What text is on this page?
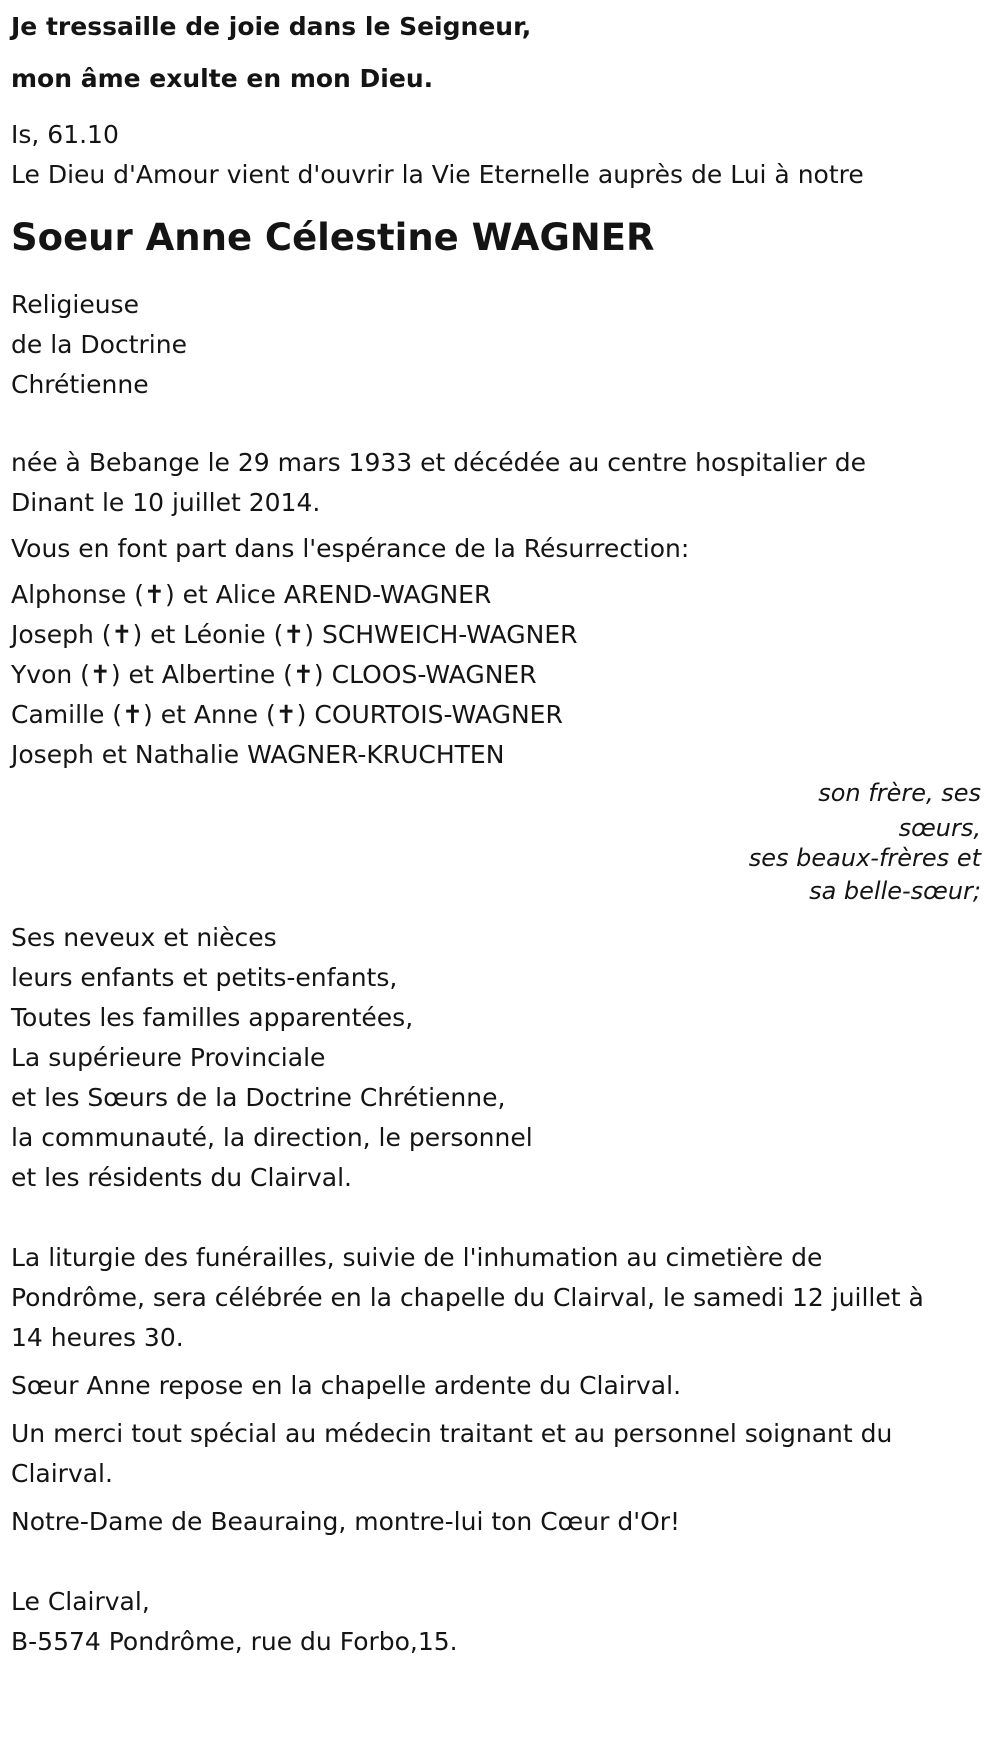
Je tressaille de joie dans le Seigneur,
mon âme exulte en mon Dieu.
Is, 61.10
Le Dieu d'Amour vient d'ouvrir la Vie Eternelle auprès de Lui à notre
Soeur Anne Célestine WAGNER
Religieuse
de la Doctrine
Chrétienne
née à Bebange le 29 mars 1933 et décédée au centre hospitalier de
Dinant le 10 juillet 2014.
Vous en font part dans l'espérance de la Résurrection:
Alphonse (✝) et Alice AREND-WAGNER
Joseph (✝) et Léonie (✝) SCHWEICH-WAGNER
Yvon (✝) et Albertine (✝) CLOOS-WAGNER
Camille (✝) et Anne (✝) COURTOIS-WAGNER
Joseph et Nathalie WAGNER-KRUCHTEN
son frère, ses
sœurs,
ses beaux-frères et
sa belle-sœur;
Ses neveux et nièces
leurs enfants et petits-enfants,
Toutes les familles apparentées,
La supérieure Provinciale
et les Sœurs de la Doctrine Chrétienne,
la communauté, la direction, le personnel
et les résidents du Clairval.
La liturgie des funérailles, suivie de l'inhumation au cimetière de
Pondrôme, sera célébrée en la chapelle du Clairval, le samedi 12 juillet à
14 heures 30.
Sœur Anne repose en la chapelle ardente du Clairval.
Un merci tout spécial au médecin traitant et au personnel soignant du
Clairval.
Notre-Dame de Beauraing, montre-lui ton Cœur d'Or!
Le Clairval,
B-5574 Pondrôme, rue du Forbo,15.
